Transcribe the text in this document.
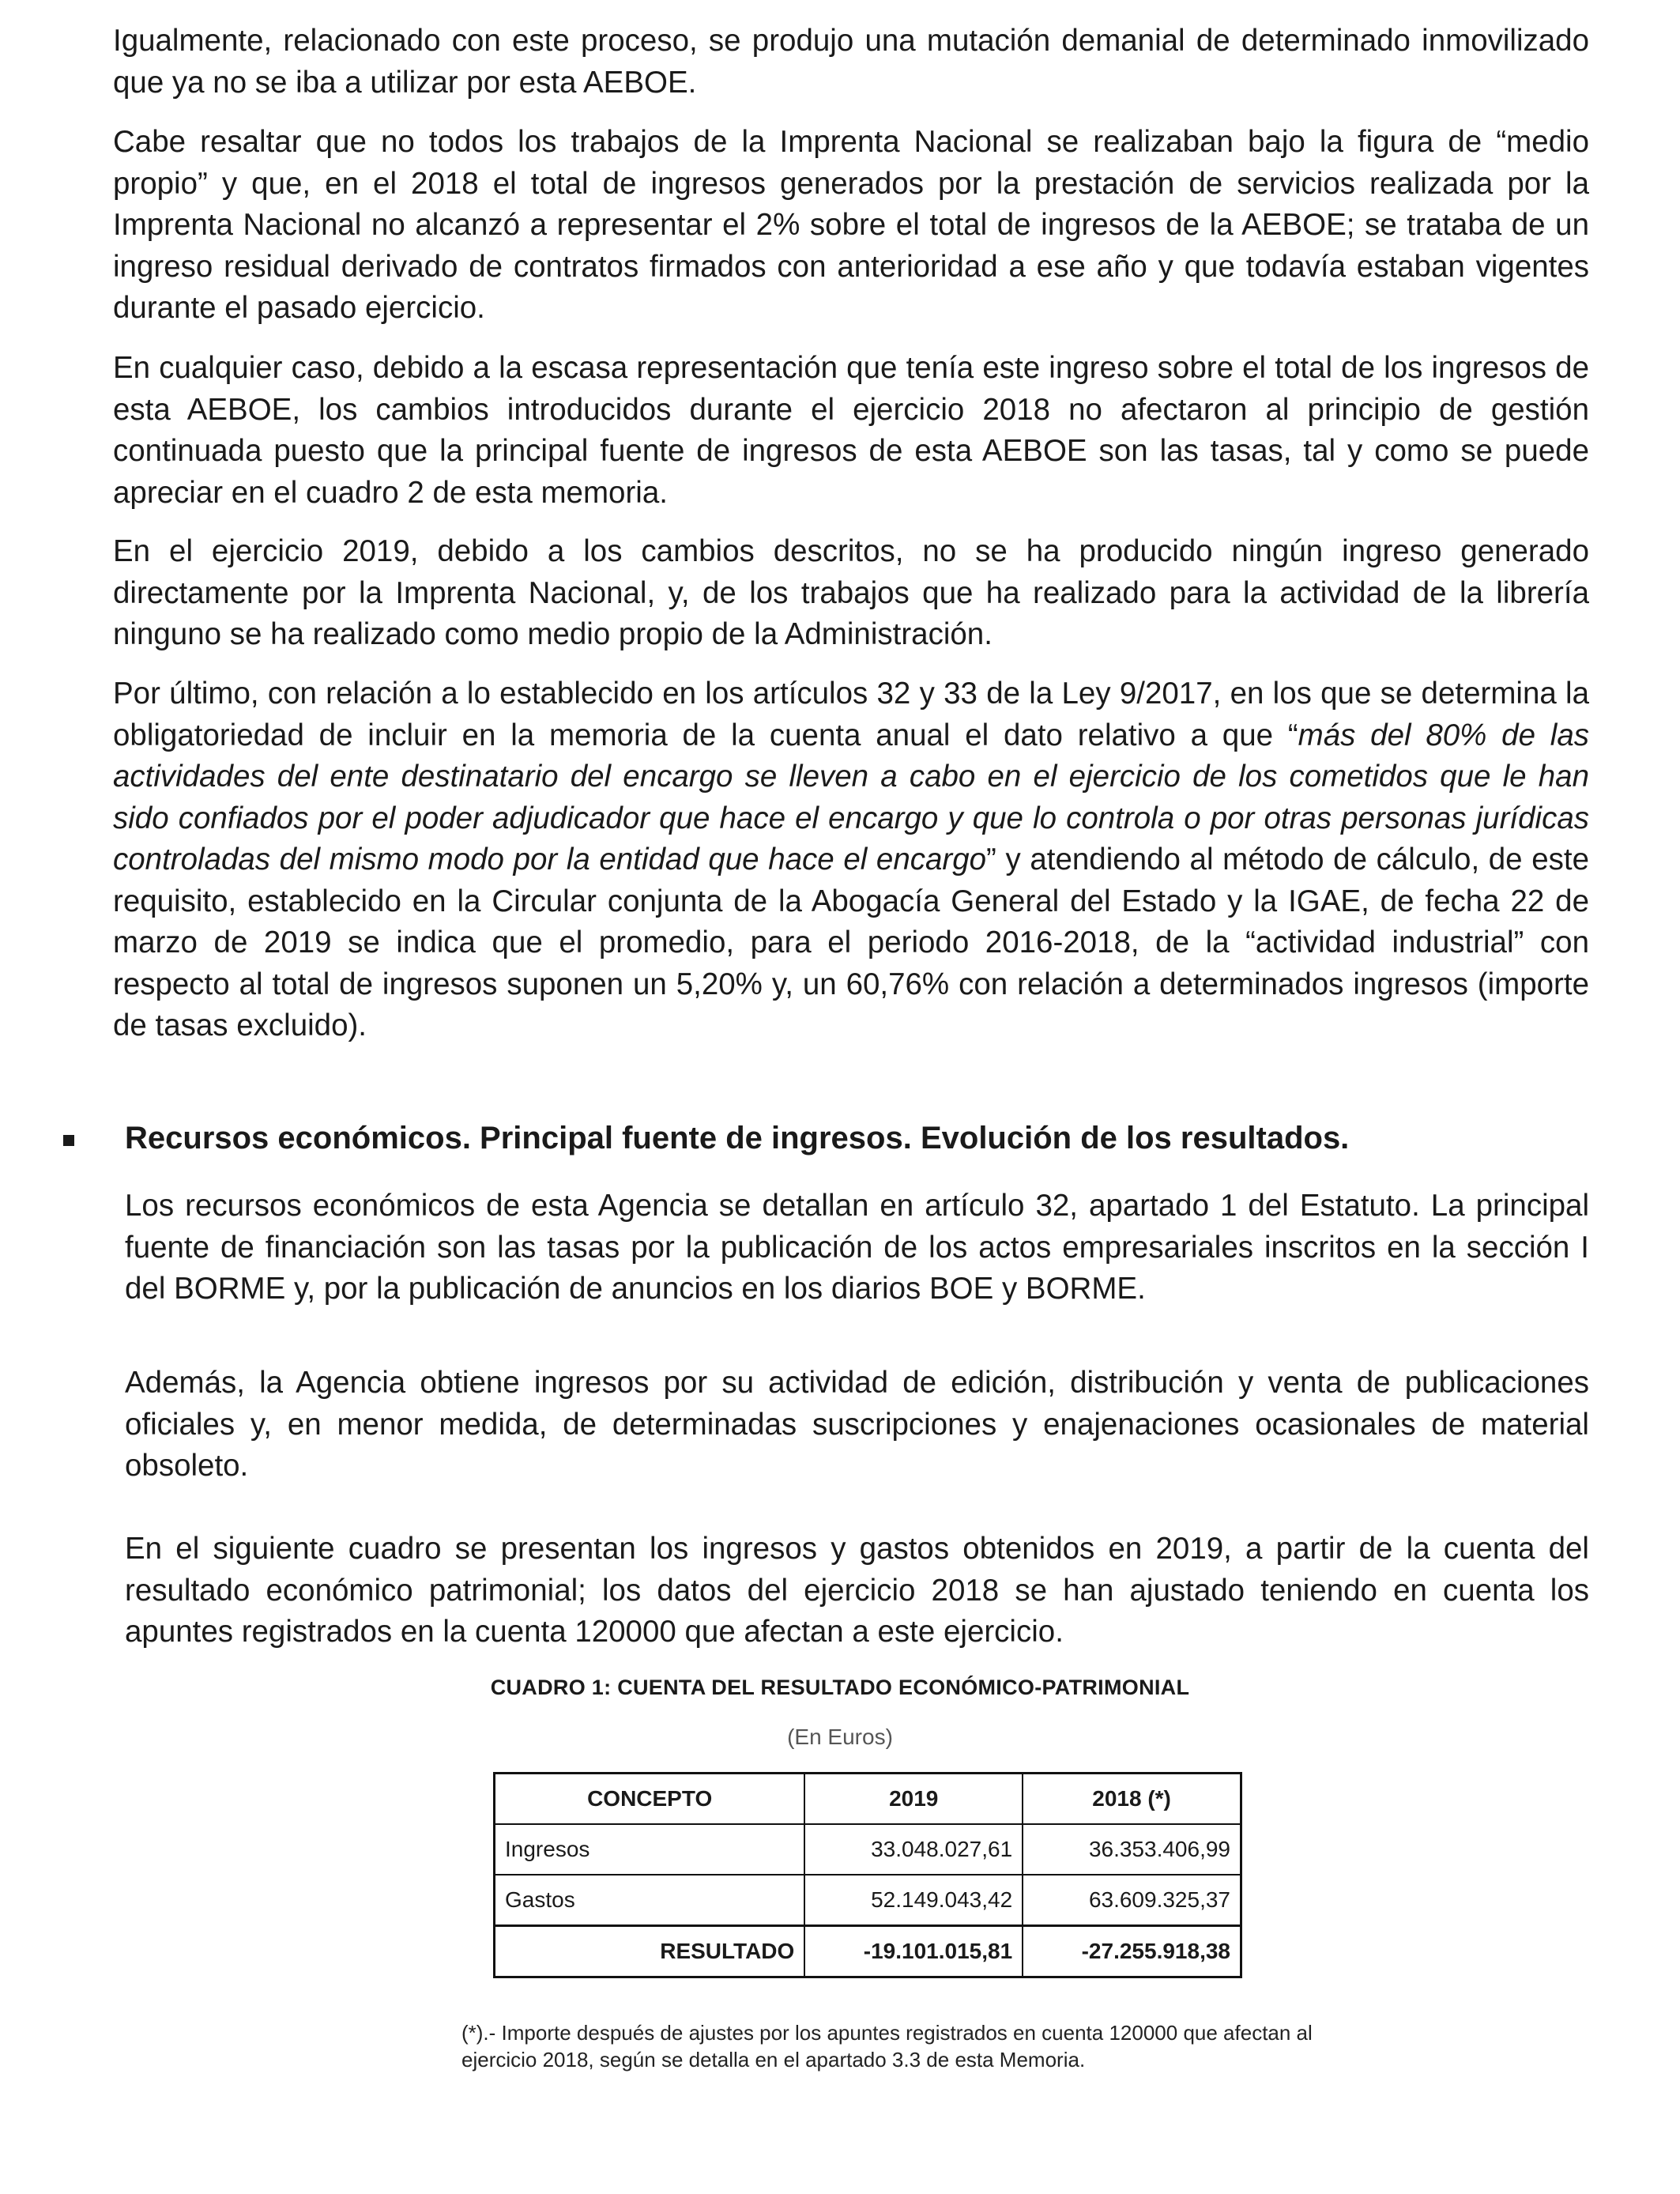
Igualmente, relacionado con este proceso, se produjo una mutación demanial de determinado inmovilizado que ya no se iba a utilizar por esta AEBOE.

Cabe resaltar que no todos los trabajos de la Imprenta Nacional se realizaban bajo la figura de “medio propio” y que, en el 2018 el total de ingresos generados por la prestación de servicios realizada por la Imprenta Nacional no alcanzó a representar el 2% sobre el total de ingresos de la AEBOE; se trataba de un ingreso residual derivado de contratos firmados con anterioridad a ese año y que todavía estaban vigentes durante el pasado ejercicio.

En cualquier caso, debido a la escasa representación que tenía este ingreso sobre el total de los ingresos de esta AEBOE, los cambios introducidos durante el ejercicio 2018 no afectaron al principio de gestión continuada puesto que la principal fuente de ingresos de esta AEBOE son las tasas, tal y como se puede apreciar en el cuadro 2 de esta memoria.

En el ejercicio 2019, debido a los cambios descritos, no se ha producido ningún ingreso generado directamente por la Imprenta Nacional, y, de los trabajos que ha realizado para la actividad de la librería ninguno se ha realizado como medio propio de la Administración.

Por último, con relación a lo establecido en los artículos 32 y 33 de la Ley 9/2017, en los que se determina la obligatoriedad de incluir en la memoria de la cuenta anual el dato relativo a que “más del 80% de las actividades del ente destinatario del encargo se lleven a cabo en el ejercicio de los cometidos que le han sido confiados por el poder adjudicador que hace el encargo y que lo controla o por otras personas jurídicas controladas del mismo modo por la entidad que hace el encargo” y atendiendo al método de cálculo, de este requisito, establecido en la Circular conjunta de la Abogacía General del Estado y la IGAE, de fecha 22 de marzo de 2019 se indica que el promedio, para el periodo 2016-2018, de la “actividad industrial” con respecto al total de ingresos suponen un 5,20% y, un 60,76% con relación a determinados ingresos (importe de tasas excluido).

Recursos económicos. Principal fuente de ingresos. Evolución de los resultados.

Los recursos económicos de esta Agencia se detallan en artículo 32, apartado 1 del Estatuto. La principal fuente de financiación son las tasas por la publicación de los actos empresariales inscritos en la sección I del BORME y, por la publicación de anuncios en los diarios BOE y BORME.

Además, la Agencia obtiene ingresos por su actividad de edición, distribución y venta de publicaciones oficiales y, en menor medida, de determinadas suscripciones y enajenaciones ocasionales de material obsoleto.

En el siguiente cuadro se presentan los ingresos y gastos obtenidos en 2019, a partir de la cuenta del resultado económico patrimonial; los datos del ejercicio 2018 se han ajustado teniendo en cuenta los apuntes registrados en la cuenta 120000 que afectan a este ejercicio.

CUADRO 1: CUENTA DEL RESULTADO ECONÓMICO-PATRIMONIAL

(En Euros)

CONCEPTO	2019	2018 (*)
Ingresos	33.048.027,61	36.353.406,99
Gastos	52.149.043,42	63.609.325,37
RESULTADO	-19.101.015,81	-27.255.918,38

(*).- Importe después de ajustes por los apuntes registrados en cuenta 120000 que afectan al ejercicio 2018, según se detalla en el apartado 3.3 de esta Memoria.
